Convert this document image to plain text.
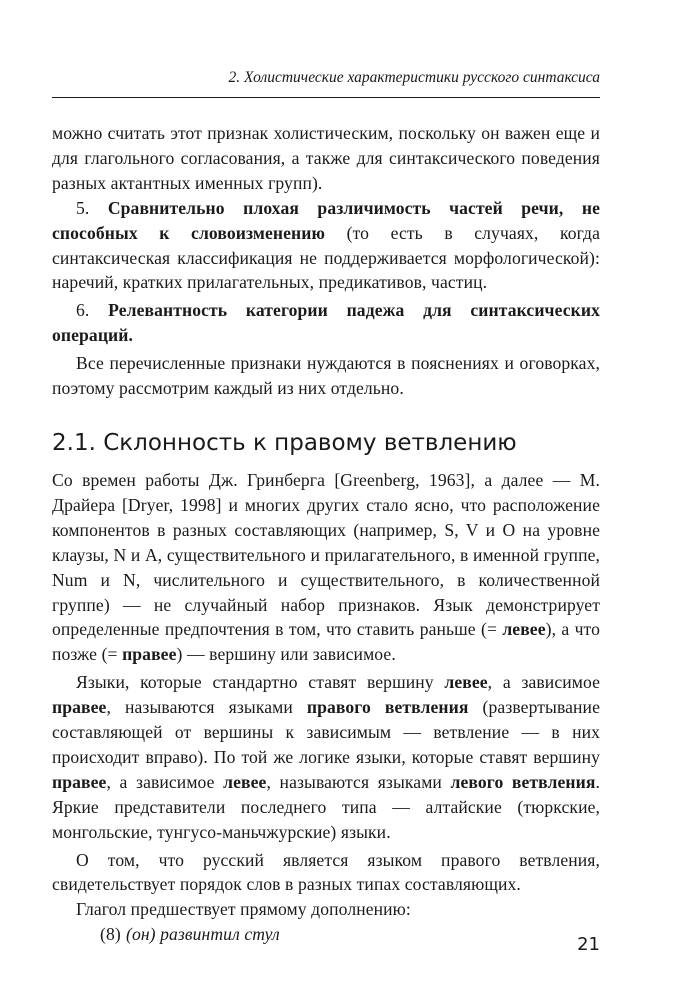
2. Холистические характеристики русского синтаксиса

можно считать этот признак холистическим, поскольку он важен еще и для глагольного согласования, а также для синтаксического поведения разных актантных именных групп).

5. Сравнительно плохая различимость частей речи, не способных к словоизменению (то есть в случаях, когда синтаксическая классификация не поддерживается морфологической): наречий, кратких прилагательных, предикативов, частиц.

6. Релевантность категории падежа для синтаксических операций.

Все перечисленные признаки нуждаются в пояснениях и оговорках, поэтому рассмотрим каждый из них отдельно.

2.1. Склонность к правому ветвлению

Со времен работы Дж. Гринберга [Greenberg, 1963], а далее — М. Драйера [Dryer, 1998] и многих других стало ясно, что расположение компонентов в разных составляющих (например, S, V и O на уровне клаузы, N и A, существительного и прилагательного, в именной группе, Num и N, числительного и существительного, в количественной группе) — не случайный набор признаков. Язык демонстрирует определенные предпочтения в том, что ставить раньше (= левее), а что позже (= правее) — вершину или зависимое.

Языки, которые стандартно ставят вершину левее, а зависимое правее, называются языками правого ветвления (развертывание составляющей от вершины к зависимым — ветвление — в них происходит вправо). По той же логике языки, которые ставят вершину правее, а зависимое левее, называются языками левого ветвления. Яркие представители последнего типа — алтайские (тюркские, монгольские, тунгусо-маньчжурские) языки.

О том, что русский является языком правого ветвления, свидетельствует порядок слов в разных типах составляющих.

Глагол предшествует прямому дополнению:

(8) (он) развинтил стул	21
